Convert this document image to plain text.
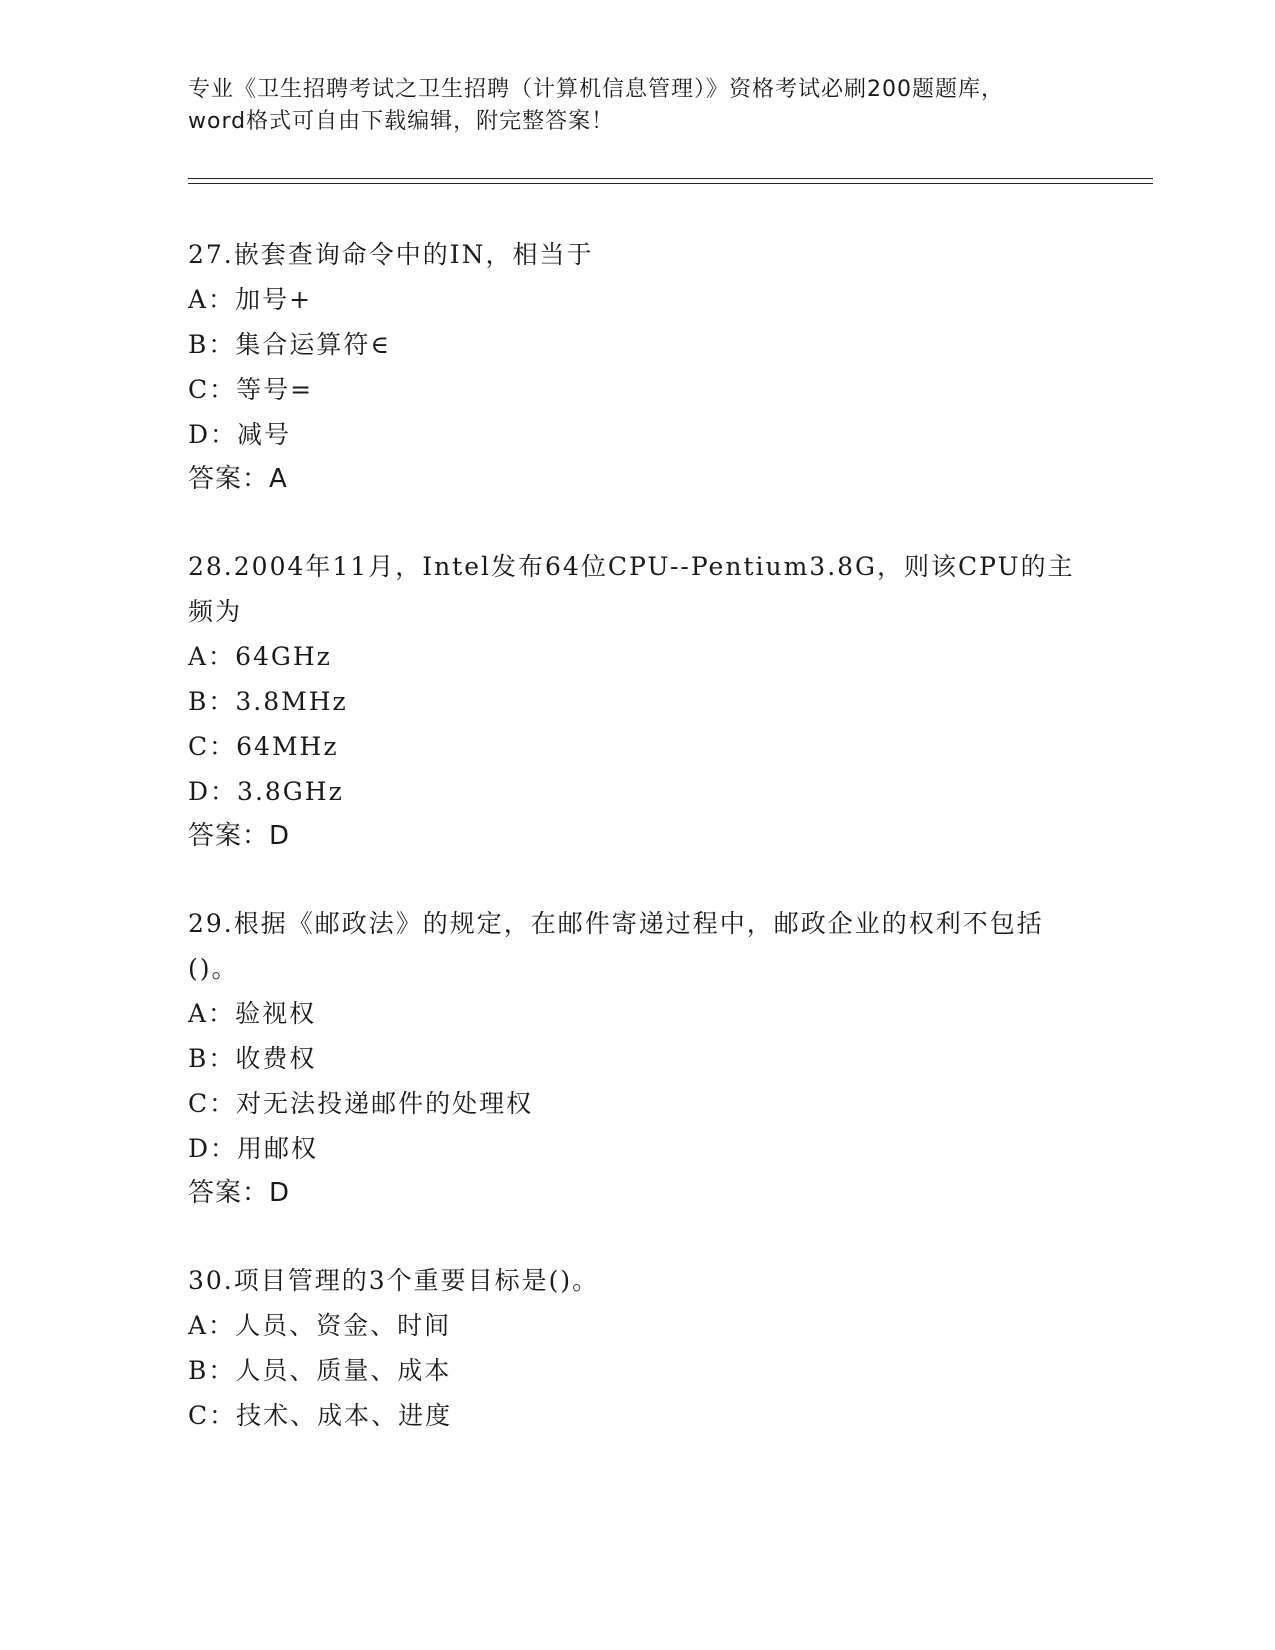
专业《卫生招聘考试之卫生招聘（计算机信息管理）》资格考试必刷200题题库，
word格式可自由下载编辑，附完整答案！

27.嵌套查询命令中的IN，相当于

A：加号+
B：集合运算符∈
C：等号=
D：减号
答案：A

28.2004年11月，Intel发布64位CPU--Pentium3.8G，则该CPU的主频为

A：64GHz
B：3.8MHz
C：64MHz
D：3.8GHz
答案：D

29.根据《邮政法》的规定，在邮件寄递过程中，邮政企业的权利不包括()。

A：验视权
B：收费权
C：对无法投递邮件的处理权
D：用邮权
答案：D

30.项目管理的3个重要目标是()。

A：人员、资金、时间
B：人员、质量、成本
C：技术、成本、进度
